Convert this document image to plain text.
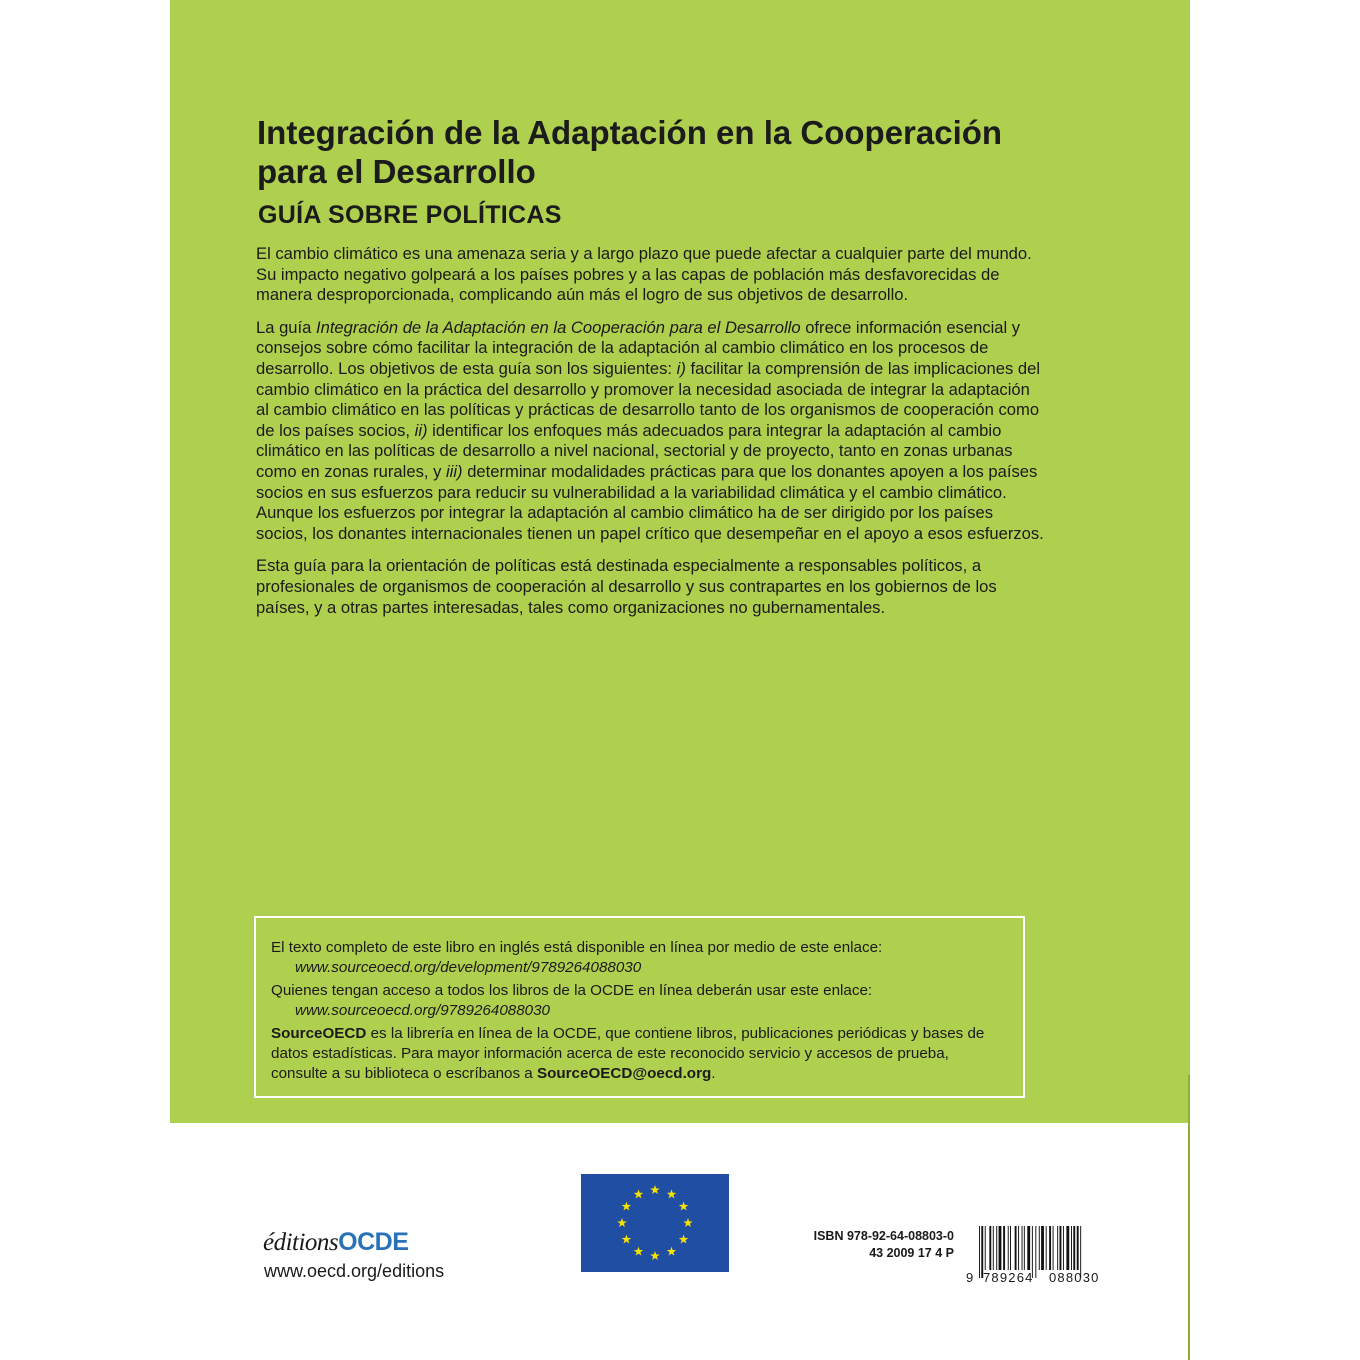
Integración de la Adaptación en la Cooperación para el Desarrollo
GUÍA SOBRE POLÍTICAS

El cambio climático es una amenaza seria y a largo plazo que puede afectar a cualquier parte del mundo. Su impacto negativo golpeará a los países pobres y a las capas de población más desfavorecidas de manera desproporcionada, complicando aún más el logro de sus objetivos de desarrollo.

La guía Integración de la Adaptación en la Cooperación para el Desarrollo ofrece información esencial y consejos sobre cómo facilitar la integración de la adaptación al cambio climático en los procesos de desarrollo. Los objetivos de esta guía son los siguientes: i) facilitar la comprensión de las implicaciones del cambio climático en la práctica del desarrollo y promover la necesidad asociada de integrar la adaptación al cambio climático en las políticas y prácticas de desarrollo tanto de los organismos de cooperación como de los países socios, ii) identificar los enfoques más adecuados para integrar la adaptación al cambio climático en las políticas de desarrollo a nivel nacional, sectorial y de proyecto, tanto en zonas urbanas como en zonas rurales, y iii) determinar modalidades prácticas para que los donantes apoyen a los países socios en sus esfuerzos para reducir su vulnerabilidad a la variabilidad climática y el cambio climático. Aunque los esfuerzos por integrar la adaptación al cambio climático ha de ser dirigido por los países socios, los donantes internacionales tienen un papel crítico que desempeñar en el apoyo a esos esfuerzos.

Esta guía para la orientación de políticas está destinada especialmente a responsables políticos, a profesionales de organismos de cooperación al desarrollo y sus contrapartes en los gobiernos de los países, y a otras partes interesadas, tales como organizaciones no gubernamentales.

El texto completo de este libro en inglés está disponible en línea por medio de este enlace:
www.sourceoecd.org/development/9789264088030

Quienes tengan acceso a todos los libros de la OCDE en línea deberán usar este enlace:
www.sourceoecd.org/9789264088030

SourceOECD es la librería en línea de la OCDE, que contiene libros, publicaciones periódicas y bases de datos estadísticas. Para mayor información acerca de este reconocido servicio y accesos de prueba, consulte a su biblioteca o escríbanos a SourceOECD@oecd.org.

éditionsOCDE
www.oecd.org/editions
ISBN 978-92-64-08803-0
43 2009 17 4 P
9 789264 088030
